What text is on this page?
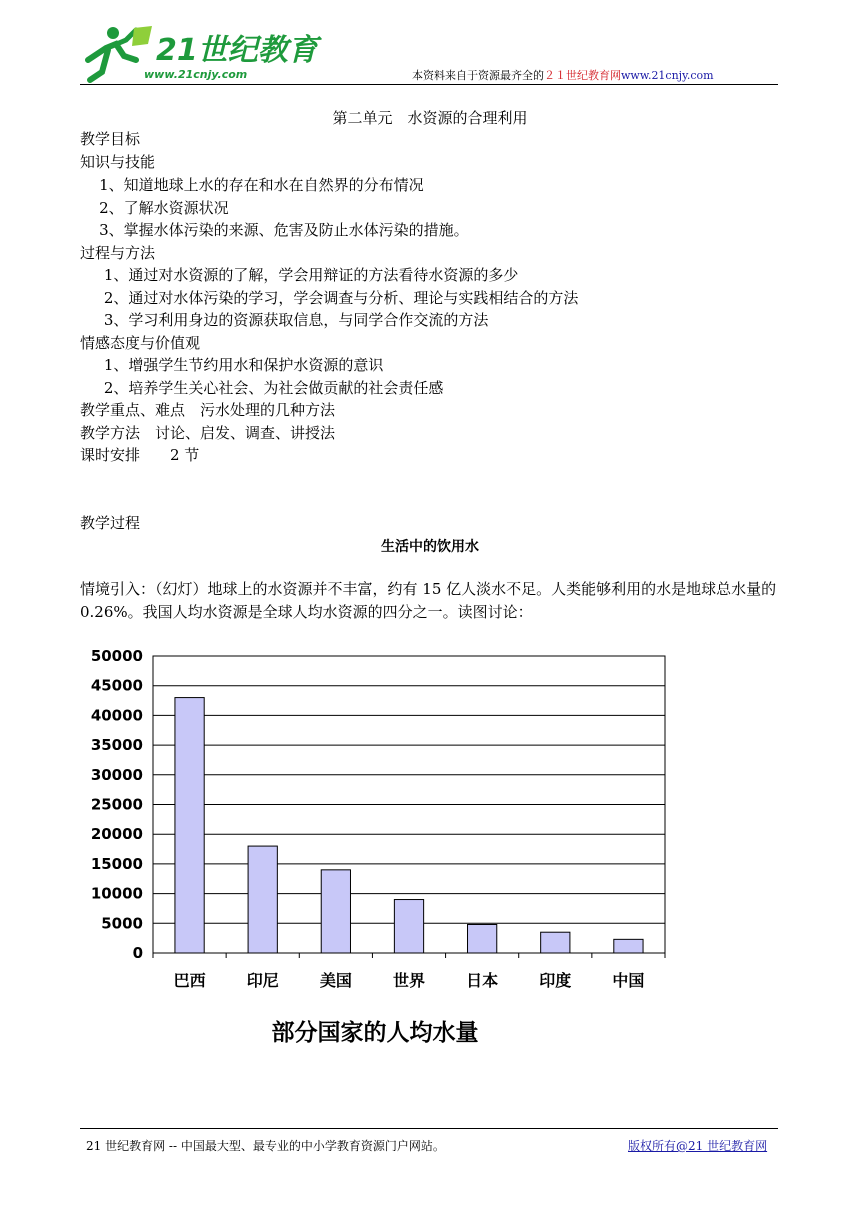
21世纪教育
www.21cnjy.com	本资料来自于资源最齐全的２１世纪教育网www.21cnjy.com
第二单元　水资源的合理利用
教学目标
知识与技能
1、知道地球上水的存在和水在自然界的分布情况
2、了解水资源状况
3、掌握水体污染的来源、危害及防止水体污染的措施。
过程与方法
1、通过对水资源的了解，学会用辩证的方法看待水资源的多少
2、通过对水体污染的学习，学会调查与分析、理论与实践相结合的方法
3、学习利用身边的资源获取信息，与同学合作交流的方法
情感态度与价值观
1、增强学生节约用水和保护水资源的意识
2、培养学生关心社会、为社会做贡献的社会责任感
教学重点、难点　污水处理的几种方法
教学方法　讨论、启发、调查、讲授法
课时安排　　2 节
教学过程
生活中的饮用水
情境引入：（幻灯）地球上的水资源并不丰富，约有 15 亿人淡水不足。人类能够利用的水是地球总水量的 0.26%。我国人均水资源是全球人均水资源的四分之一。读图讨论：
0
5000
10000
15000
20000
25000
30000
35000
40000
45000
50000
巴西	印尼	美国	世界	日本	印度	中国
部分国家的人均水量
21 世纪教育网 -- 中国最大型、最专业的中小学教育资源门户网站。	版权所有@21 世纪教育网
